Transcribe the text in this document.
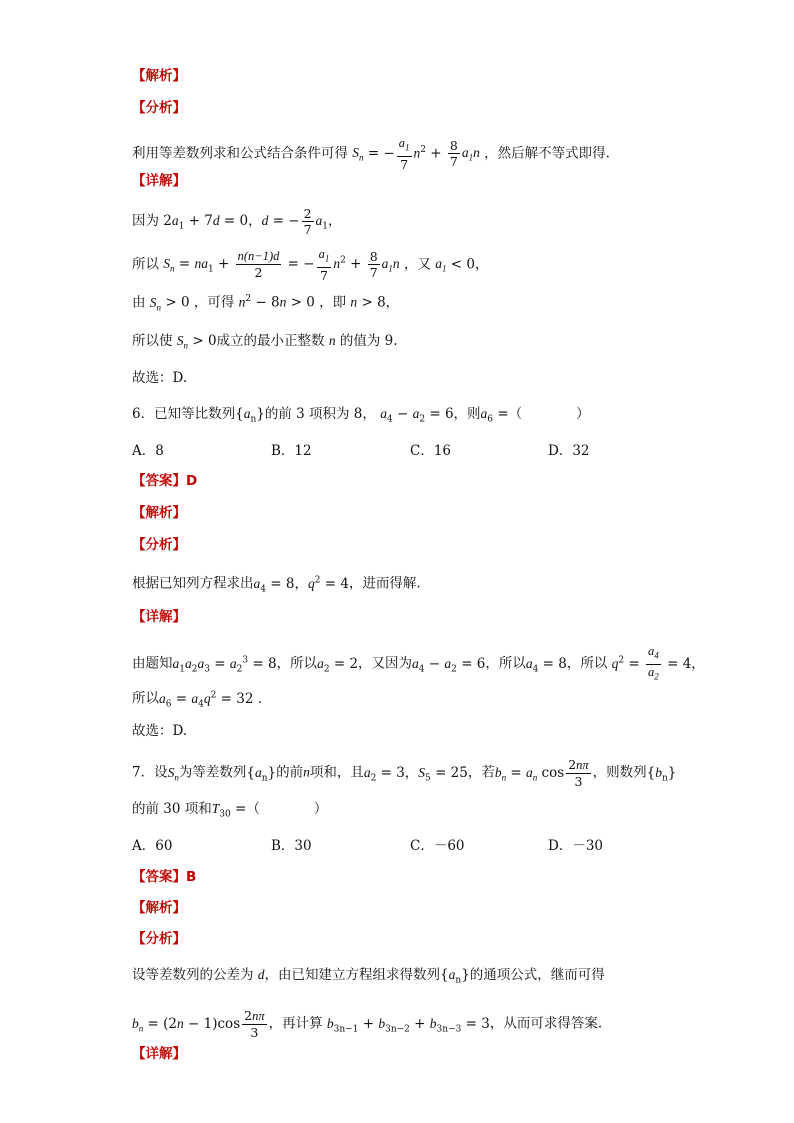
【解析】
【分析】
利用等差数列求和公式结合条件可得 $S_n$ = − $\frac{a_1}{7} n^2 + \frac{8}{7} a_1n$ ，然后解不等式即得.
【详解】
因为 $2a_1 + 7d = 0$，d = − $\frac{2}{7} a_1$，
所以 $S_n = na_1 + \frac{n(n-1)d}{2}$ = − $\frac{a_1}{7} n^2 + \frac{8}{7} a_1n$ ，又 $a_1 < 0$，
由 $S_n > 0$ ，可得 $n^2 - 8n > 0$ ，即 n > 8，
所以使 $S_n > 0$成立的最小正整数 n 的值为 9.
故选：D.
6．已知等比数列$\{a_n\}$的前 3 项积为 8， $a_4 - a_2 = 6$，则$a_6$ =（　　　　）
A．8	B．12	C．16	D．32
【答案】D
【解析】
【分析】
根据已知列方程求出$a_4 = 8$，$q^2 = 4$，进而得解.
【详解】
由题知$a_1a_2a_3 = a_2^3 = 8$，所以$a_2 = 2$，又因为$a_4 - a_2 = 6$，所以$a_4 = 8$，所以 $q^2 = \frac{a_4}{a_2} = 4$，
所以$a_6 = a_4q^2 = 32$ .
故选：D.
7．设$S_n$为等差数列$\{a_n\}$的前n项和，且$a_2 = 3$，$S_5 = 25$，若$b_n = a_n$ $\cos \frac{2n\pi}{3}$ ，则数列$\{b_n\}$
的前 30 项和$T_{30}$ =（　　　　）
A．60	B．30	C．－60	D．－30
【答案】B
【解析】
【分析】
设等差数列的公差为 d，由已知建立方程组求得数列$\{a_n\}$的通项公式，继而可得
$b_n = (2n - 1)\cos \frac{2n\pi}{3}$ ，再计算 $b_{3n-1} + b_{3n-2} + b_{3n-3} = 3$，从而可求得答案.
【详解】
